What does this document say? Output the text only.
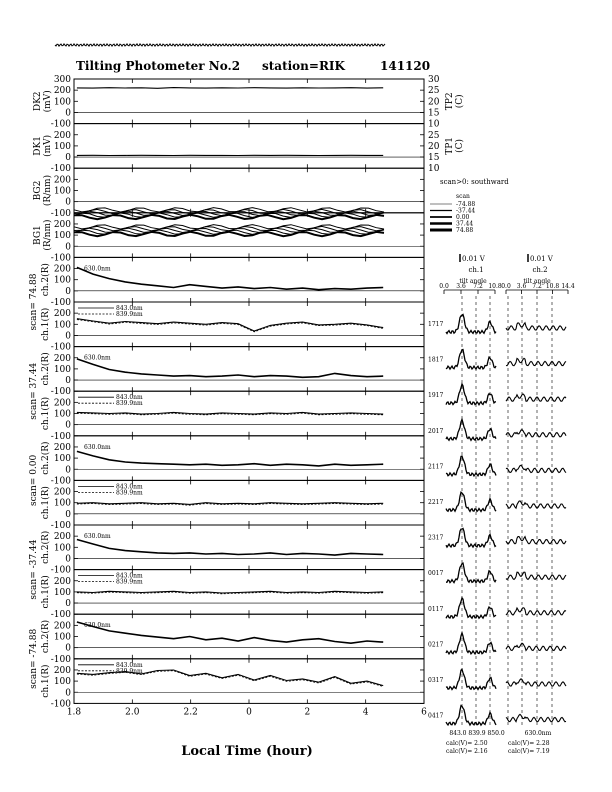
Tilting Photometer No.2 station=RIK	141120
Local Time (hour)
scan>0: southward
scan
0.01 V	0.01 V
ch.1	ch.2
tilt angle	tilt angle
843.0 839.9 850.0	630.0nm
calc(V)= 2.50
calc(V)= 2.16
calc(V)= 2.28
calc(V)= 7.19
DK2(mV)	TP2(C)
300
200
100
0
-100
30
25
20
15
10
DK1(mV)	TP1(C)
200
100
0
-100
25
20
15
10
BG2(R/nm) 200
100
0
-100
BG1(R/nm) 200
100
0
-100
200
100
0
-100
ch.2(R)	630.0nm
200
100
0
-100
ch.1(R)
scan= 74.88	843.0nm
839.9nm
200
100
0
-100
ch.2(R)	630.0nm
200
100
0
-100
ch.1(R)
scan= 37.44	843.0nm
839.9nm
200
100
0
-100
ch.2(R)	630.0nm
200
100
0
-100
ch.1(R)
scan= 0.00	843.0nm
839.9nm
200
100
0
-100
ch.2(R)	630.0nm
200
100
0
-100
ch.1(R)
scan= -37.44	843.0nm
839.9nm
200
100
0
-100
ch.2(R)	630.0nm
200
100
0
-100
ch.1(R)
scan= -74.88	843.0nm
839.9nm
1.8	2.0	2.2	0	2	4	6
-74.88
-37.44
0.00
37.44
74.88
0.0 3.6 7.2 10.8 0.0 3.6 7.2 10.8 14.4
1717
1817
1917
2017
2117
2217
2317
0017
0117
0217
0317
0417
